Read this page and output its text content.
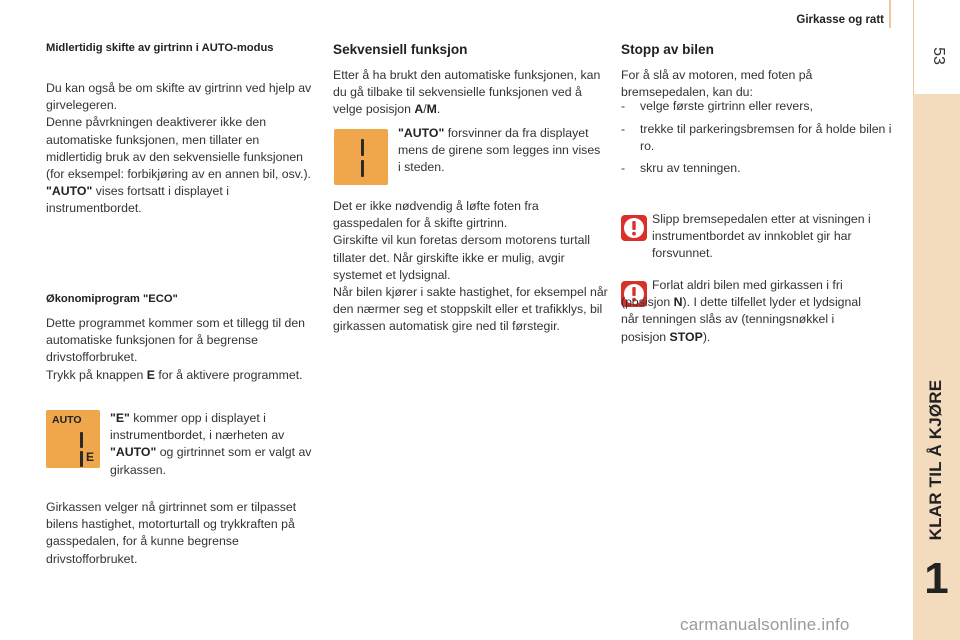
Girkasse og ratt
53
KLAR TIL Å KJØRE
1
Midlertidig skifte av girtrinn i AUTO-modus

Du kan også be om skifte av girtrinn ved hjelp av girvelegeren.

Denne påvrkningen deaktiverer ikke den automatiske funksjonen, men tillater en midlertidig bruk av den sekvensielle funksjonen (for eksempel: forbikjøring av en annen bil, osv.).

"AUTO" vises fortsatt i displayet i instrumentbordet.

Økonomiprogram "ECO"

Dette programmet kommer som et tillegg til den automatiske funksjonen for å begrense drivstofforbruket.

Trykk på knappen E for å aktivere programmet.

AUTO
E

"E" kommer opp i displayet i instrumentbordet, i nærheten av "AUTO" og girtrinnet som er valgt av girkassen.

Girkassen velger nå girtrinnet som er tilpasset bilens hastighet, motorturtall og trykkraften på gasspedalen, for å kunne begrense drivstofforbruket.

Sekvensiell funksjon

Etter å ha brukt den automatiske funksjonen, kan du gå tilbake til sekvensielle funksjonen ved å velge posisjon A/M.

"AUTO" forsvinner da fra displayet mens de girene som legges inn vises i steden.

Det er ikke nødvendig å løfte foten fra gasspedalen for å skifte girtrinn.

Girskifte vil kun foretas dersom motorens turtall tillater det. Når girskifte ikke er mulig, avgir systemet et lydsignal.

Når bilen kjører i sakte hastighet, for eksempel når den nærmer seg et stoppskilt eller et trafikklys, bil girkassen automatisk gire ned til førstegir.

Stopp av bilen

For å slå av motoren, med foten på bremsepedalen, kan du:

- velge første girtrinn eller revers,

- trekke til parkeringsbremsen for å holde bilen i ro.

- skru av tenningen.

Slipp bremsepedalen etter at visningen i instrumentbordet av innkoblet gir har forsvunnet.

Forlat aldri bilen med girkassen i fri (posisjon N). I dette tilfellet lyder et lydsignal når tenningen slås av (tenningsnøkkel i posisjon STOP).

carmanualsonline.info
